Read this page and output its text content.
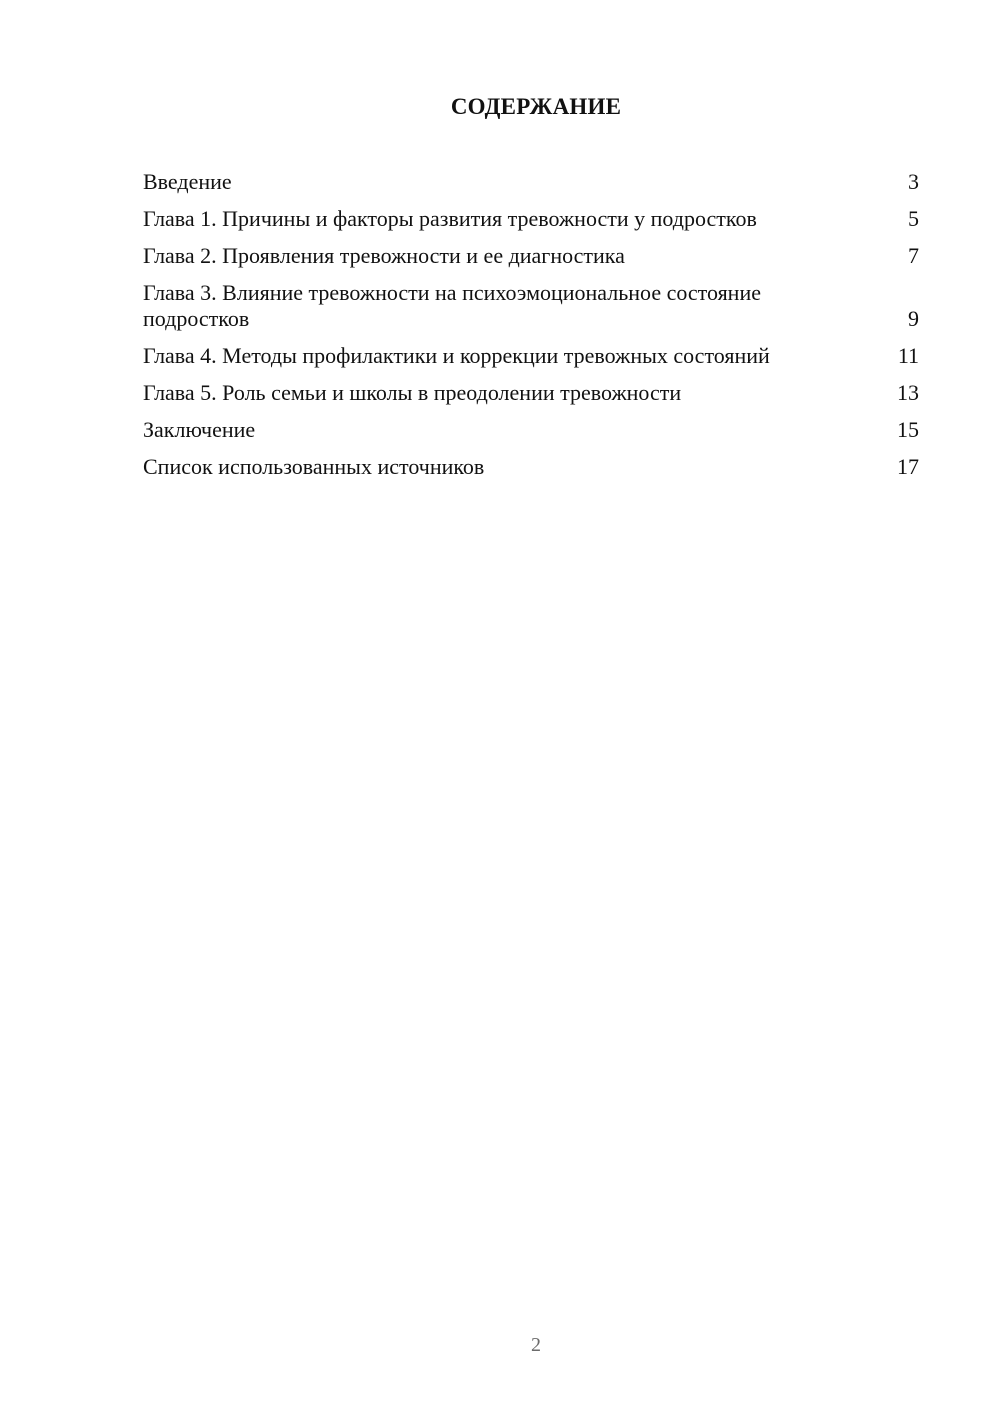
СОДЕРЖАНИЕ
Введение	3
Глава 1. Причины и факторы развития тревожности у подростков	5
Глава 2. Проявления тревожности и ее диагностика	7
Глава 3. Влияние тревожности на психоэмоциональное состояние подростков	9
Глава 4. Методы профилактики и коррекции тревожных состояний	11
Глава 5. Роль семьи и школы в преодолении тревожности	13
Заключение	15
Список использованных источников	17
2
